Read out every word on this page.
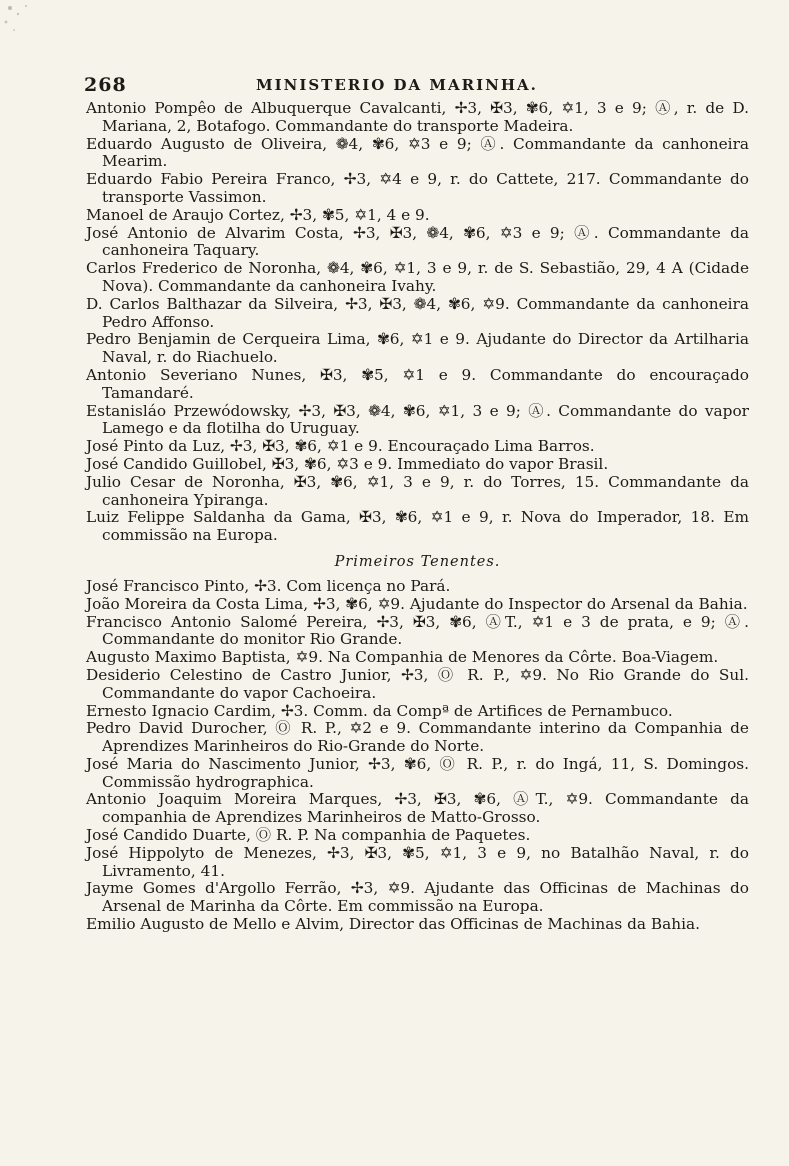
268	MINISTERIO DA MARINHA.

Antonio Pompêo de Albuquerque Cavalcanti, ✢3, ✠3, ✾6, ✡1, 3 e 9; Ⓐ, r. de D. Mariana, 2, Botafogo. Commandante do transporte Madeira.

Eduardo Augusto de Oliveira, ❁4, ✾6, ✡3 e 9; Ⓐ. Commandante da canhoneira Mearim.

Eduardo Fabio Pereira Franco, ✢3, ✡4 e 9, r. do Cattete, 217. Commandante do transporte Vassimon.

Manoel de Araujo Cortez, ✢3, ✾5, ✡1, 4 e 9.

José Antonio de Alvarim Costa, ✢3, ✠3, ❁4, ✾6, ✡3 e 9; Ⓐ. Commandante da canhoneira Taquary.

Carlos Frederico de Noronha, ❁4, ✾6, ✡1, 3 e 9, r. de S. Sebastião, 29, 4 A (Cidade Nova). Commandante da canhoneira Ivahy.

D. Carlos Balthazar da Silveira, ✢3, ✠3, ❁4, ✾6, ✡9. Commandante da canhoneira Pedro Affonso.

Pedro Benjamin de Cerqueira Lima, ✾6, ✡1 e 9. Ajudante do Director da Artilharia Naval, r. do Riachuelo.

Antonio Severiano Nunes, ✠3, ✾5, ✡1 e 9. Commandante do encouraçado Tamandaré.

Estanisláo Przewódowsky, ✢3, ✠3, ❁4, ✾6, ✡1, 3 e 9; Ⓐ. Commandante do vapor Lamego e da flotilha do Uruguay.

José Pinto da Luz, ✢3, ✠3, ✾6, ✡1 e 9. Encouraçado Lima Barros.

José Candido Guillobel, ✠3, ✾6, ✡3 e 9. Immediato do vapor Brasil.

Julio Cesar de Noronha, ✠3, ✾6, ✡1, 3 e 9, r. do Torres, 15. Commandante da canhoneira Ypiranga.

Luiz Felippe Saldanha da Gama, ✠3, ✾6, ✡1 e 9, r. Nova do Imperador, 18. Em commissão na Europa.

Primeiros Tenentes.

José Francisco Pinto, ✢3. Com licença no Pará.

João Moreira da Costa Lima, ✢3, ✾6, ✡9. Ajudante do Inspector do Arsenal da Bahia.

Francisco Antonio Salomé Pereira, ✢3, ✠3, ✾6, ⒶT., ✡1 e 3 de prata, e 9; Ⓐ. Commandante do monitor Rio Grande.

Augusto Maximo Baptista, ✡9. Na Companhia de Menores da Côrte. Boa-Viagem.

Desiderio Celestino de Castro Junior, ✢3, Ⓞ R. P., ✡9. No Rio Grande do Sul. Commandante do vapor Cachoeira.

Ernesto Ignacio Cardim, ✢3. Comm. da Compª de Artifices de Pernambuco.

Pedro David Durocher, Ⓞ R. P., ✡2 e 9. Commandante interino da Companhia de Aprendizes Marinheiros do Rio-Grande do Norte.

José Maria do Nascimento Junior, ✢3, ✾6, Ⓞ R. P., r. do Ingá, 11, S. Domingos. Commissão hydrographica.

Antonio Joaquim Moreira Marques, ✢3, ✠3, ✾6, ⒶT., ✡9. Commandante da companhia de Aprendizes Marinheiros de Matto-Grosso.

José Candido Duarte, Ⓞ R. P. Na companhia de Paquetes.

José Hippolyto de Menezes, ✢3, ✠3, ✾5, ✡1, 3 e 9, no Batalhão Naval, r. do Livramento, 41.

Jayme Gomes d'Argollo Ferrão, ✢3, ✡9. Ajudante das Officinas de Machinas do Arsenal de Marinha da Côrte. Em commissão na Europa.

Emilio Augusto de Mello e Alvim, Director das Officinas de Machinas da Bahia.
